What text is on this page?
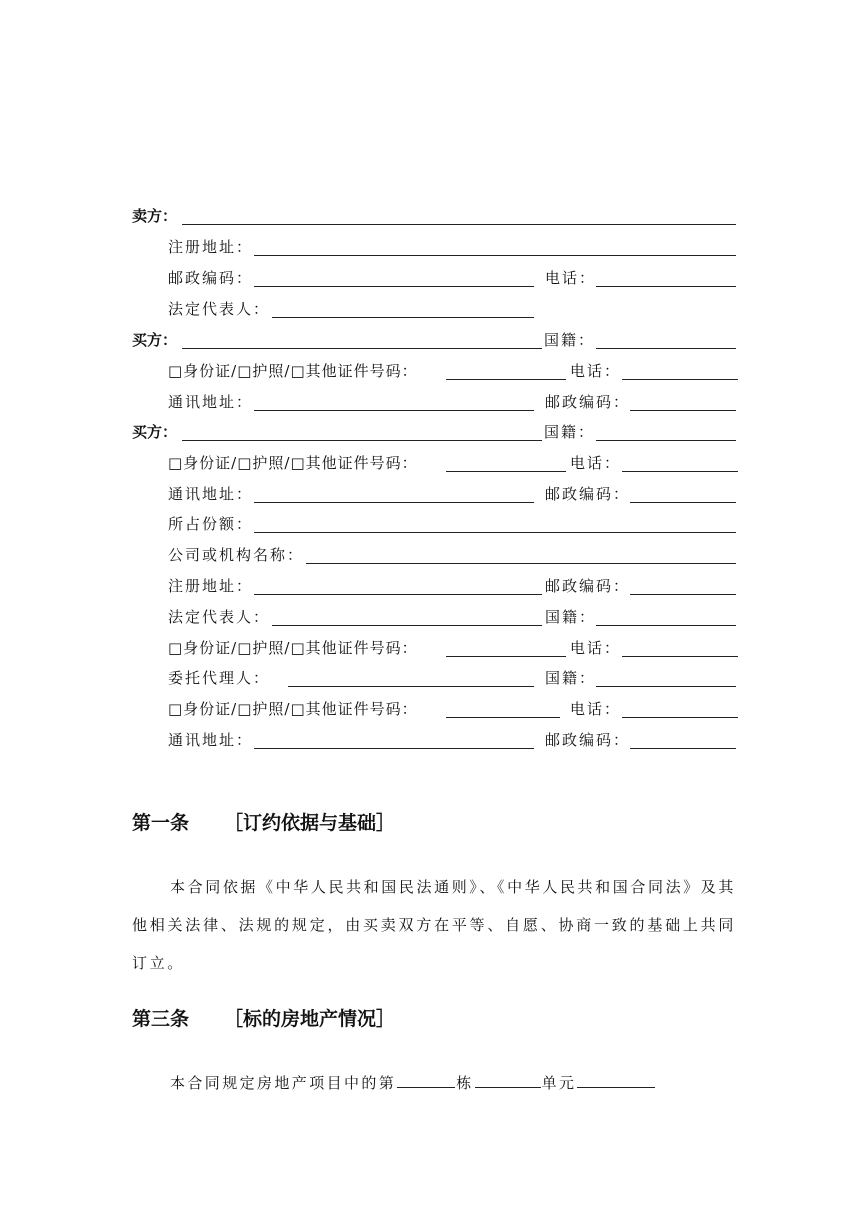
卖方：
注册地址：
邮政编码：	电话：
法定代表人：
买方：	国籍：
□身份证/□护照/□其他证件号码：	电话：
通讯地址：	邮政编码：
买方：	国籍：
□身份证/□护照/□其他证件号码：	电话：
通讯地址：	邮政编码：
所占份额：
公司或机构名称：
注册地址：	邮政编码：
法定代表人：	国籍：
□身份证/□护照/□其他证件号码：	电话：
委托代理人：	国籍：
□身份证/□护照/□其他证件号码：	电话：
通讯地址：	邮政编码：
第一条 ［订约依据与基础］
本合同依据《中华人民共和国民法通则》、《中华人民共和国合同法》及其他相关法律、法规的规定，由买卖双方在平等、自愿、协商一致的基础上共同订立。
第三条 ［标的房地产情况］
本合同规定房地产项目中的第	栋	单元
